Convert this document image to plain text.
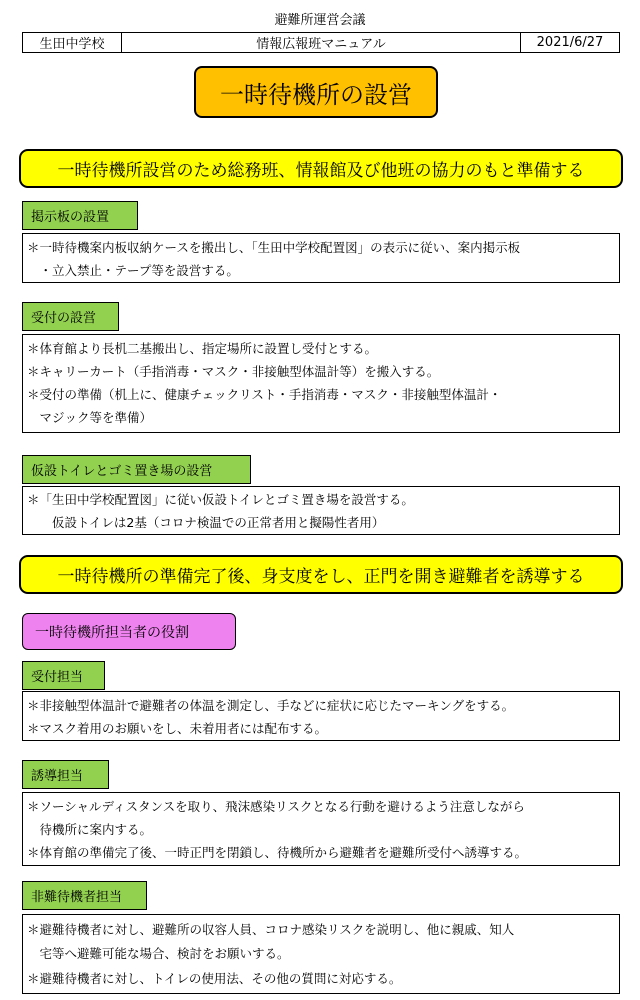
避難所運営会議
生田中学校	情報広報班マニュアル	2021/6/27
一時待機所の設営
一時待機所設営のため総務班、情報館及び他班の協力のもと準備する
掲示板の設置
＊一時待機案内板収納ケースを搬出し、「生田中学校配置図」の表示に従い、案内掲示板
　・立入禁止・テープ等を設営する。
受付の設営
＊体育館より長机二基搬出し、指定場所に設置し受付とする。
＊キャリーカート（手指消毒・マスク・非接触型体温計等）を搬入する。
＊受付の準備（机上に、健康チェックリスト・手指消毒・マスク・非接触型体温計・
　マジック等を準備）
仮設トイレとゴミ置き場の設営
＊「生田中学校配置図」に従い仮設トイレとゴミ置き場を設営する。
　　仮設トイレは2基（コロナ検温での正常者用と擬陽性者用）
一時待機所の準備完了後、身支度をし、正門を開き避難者を誘導する
一時待機所担当者の役割
受付担当
＊非接触型体温計で避難者の体温を測定し、手などに症状に応じたマーキングをする。
＊マスク着用のお願いをし、未着用者には配布する。
誘導担当
＊ソーシャルディスタンスを取り、飛沫感染リスクとなる行動を避けるよう注意しながら
　待機所に案内する。
＊体育館の準備完了後、一時正門を閉鎖し、待機所から避難者を避難所受付へ誘導する。
非難待機者担当
＊避難待機者に対し、避難所の収容人員、コロナ感染リスクを説明し、他に親戚、知人
　宅等へ避難可能な場合、検討をお願いする。
＊避難待機者に対し、トイレの使用法、その他の質問に対応する。
